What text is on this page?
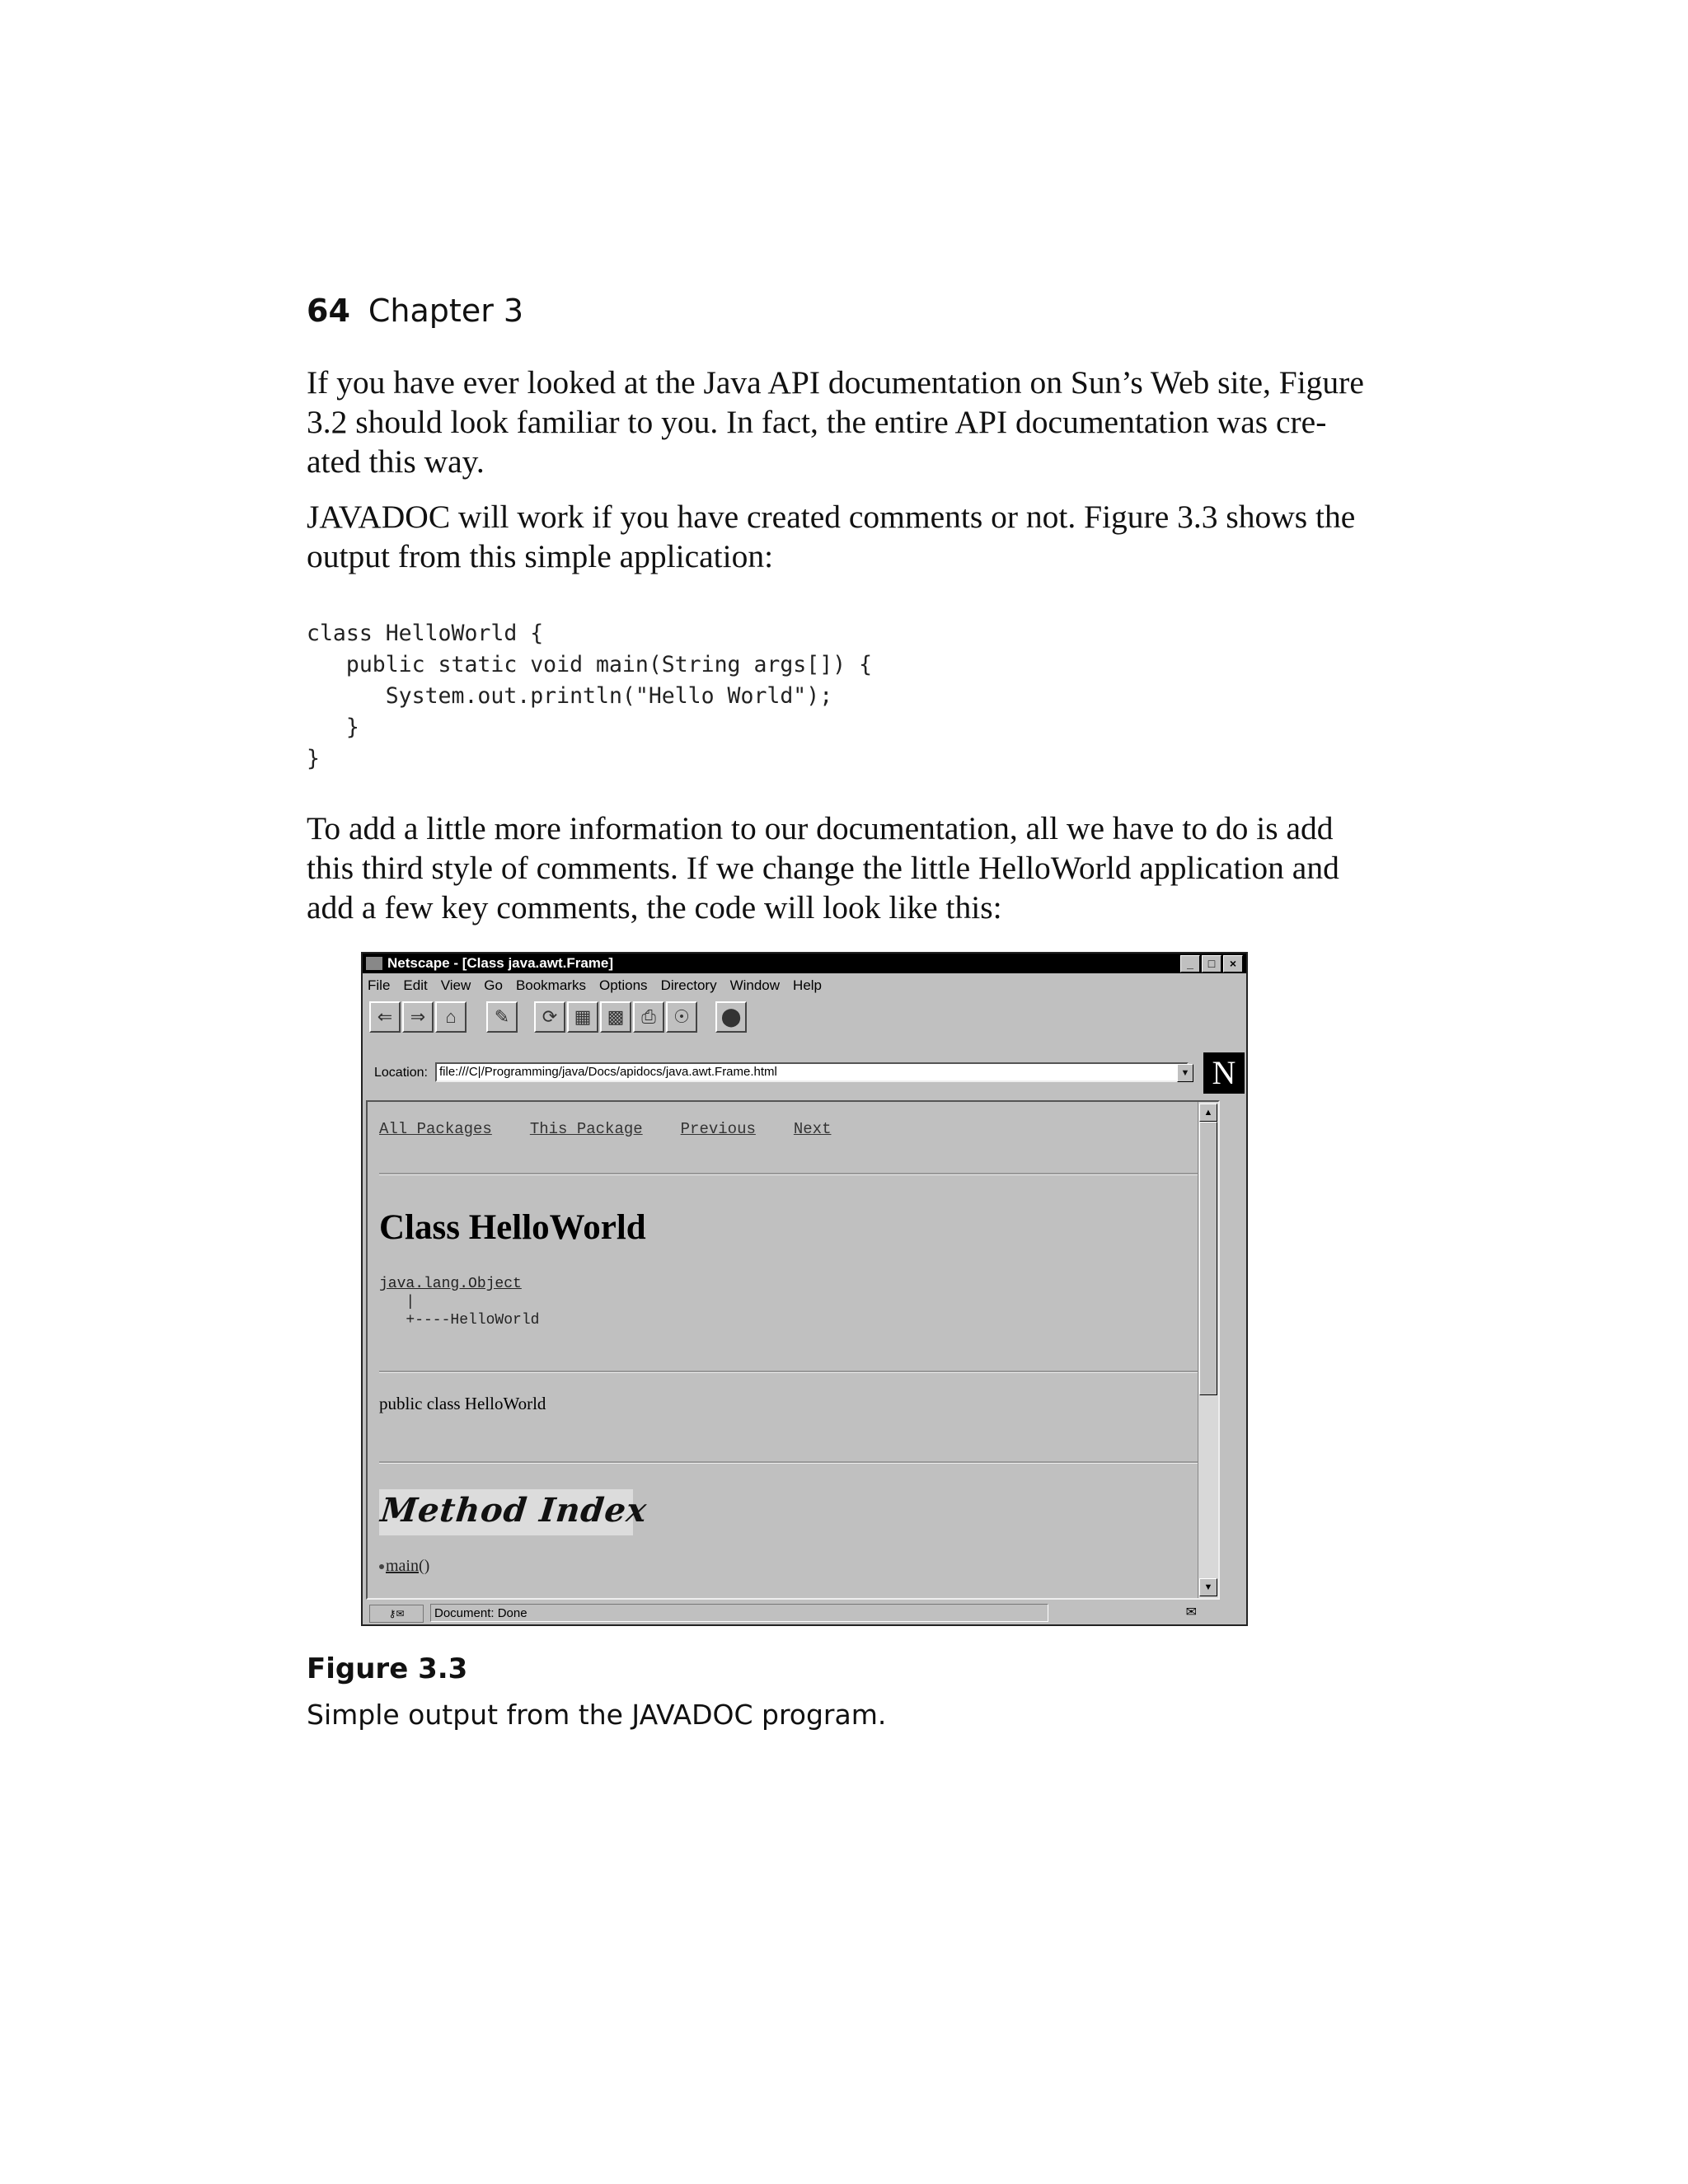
64 Chapter 3
If you have ever looked at the Java API documentation on Sun’s Web site, Figure
3.2 should look familiar to you. In fact, the entire API documentation was cre-
ated this way.
JAVADOC will work if you have created comments or not. Figure 3.3 shows the
output from this simple application:
class HelloWorld {
public static void main(String args[]) {
System.out.println("Hello World");
}
}
To add a little more information to our documentation, all we have to do is add
this third style of comments. If we change the little HelloWorld application and
add a few key comments, the code will look like this:
Netscape - [Class java.awt.Frame]	_	□	×
File Edit View Go Bookmarks Options Directory Window Help
⇐ ⇒	⌂	✎	⟳ ▦ ▩ ⎙ ☉	⬤
Location: file:///C|/Programming/java/Docs/apidocs/java.awt.Frame.html	▼ N
All Packages This Package Previous Next
Class HelloWorld
java.lang.Object
|
+----HelloWorld
public class HelloWorld
Method Index
main()
▲
▼
⚷✉	Document: Done	✉
Figure 3.3
Simple output from the JAVADOC program.
